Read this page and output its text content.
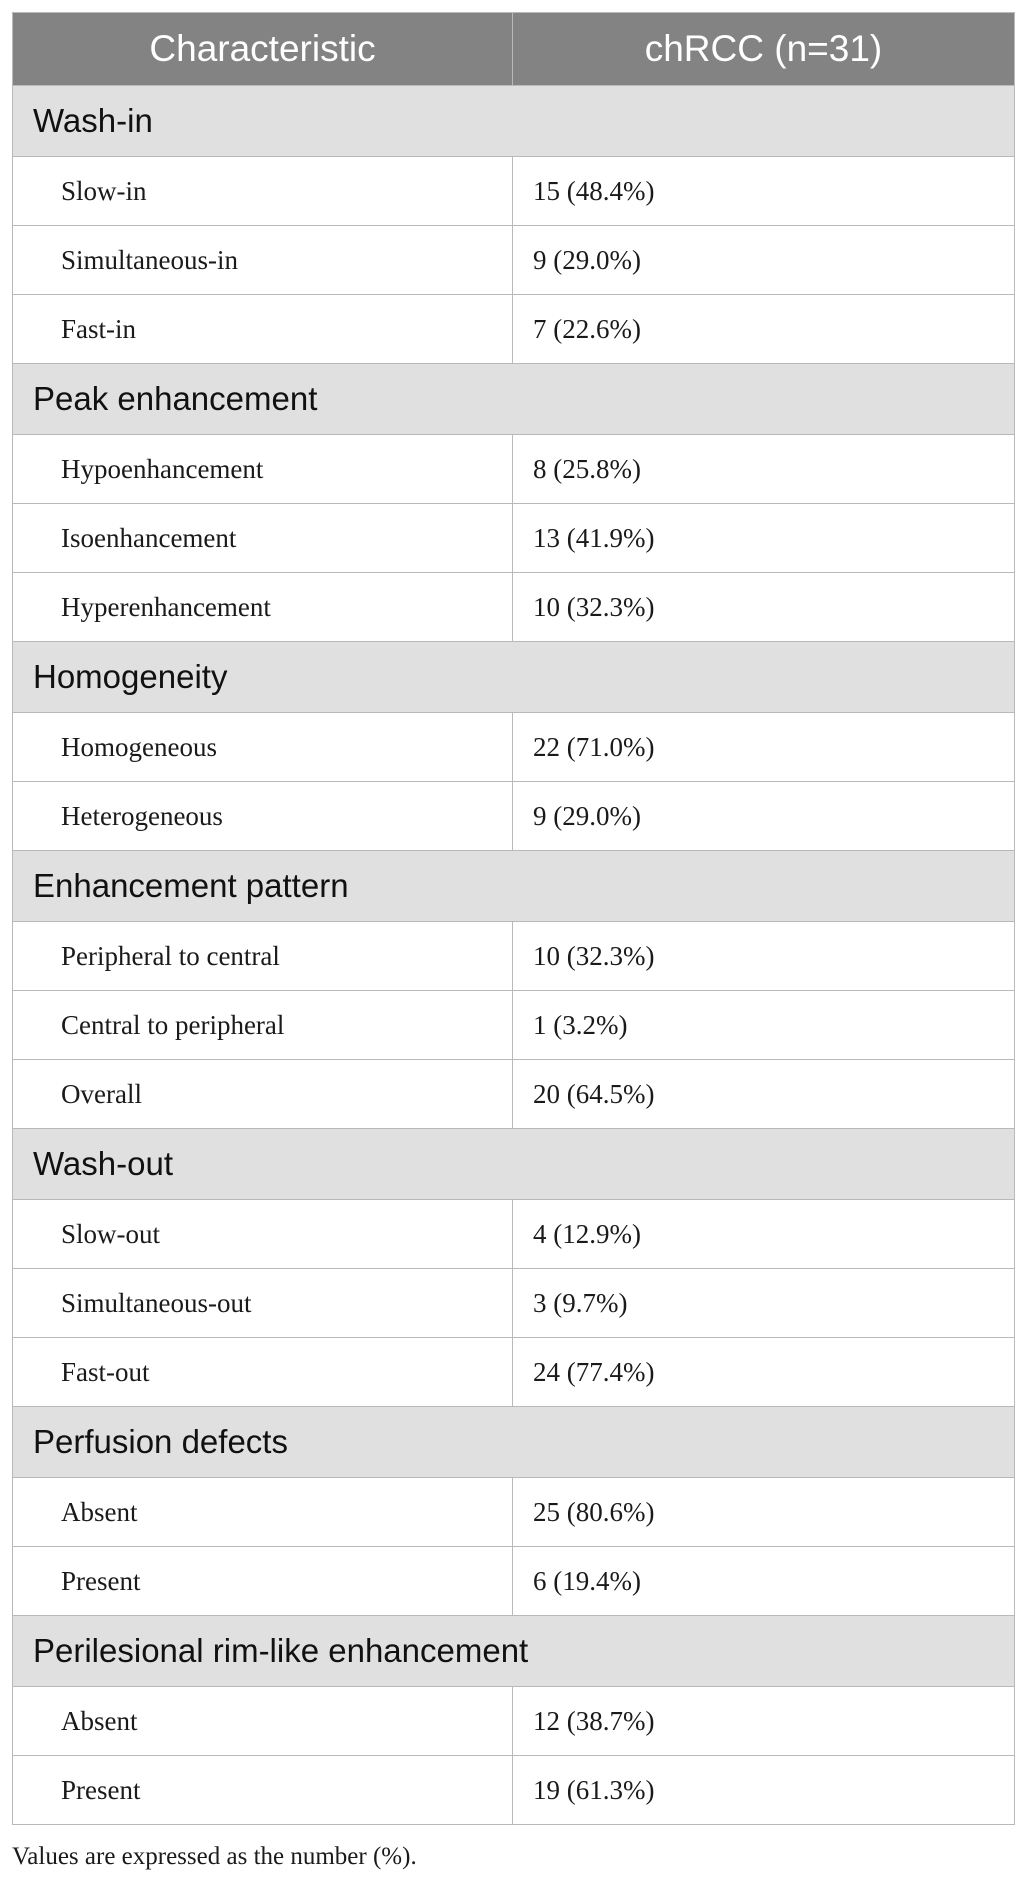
Characteristic	chRCC (n=31)
Wash-in	
Slow-in	15 (48.4%)
Simultaneous-in	9 (29.0%)
Fast-in	7 (22.6%)
Peak enhancement	
Hypoenhancement	8 (25.8%)
Isoenhancement	13 (41.9%)
Hyperenhancement	10 (32.3%)
Homogeneity	
Homogeneous	22 (71.0%)
Heterogeneous	9 (29.0%)
Enhancement pattern	
Peripheral to central	10 (32.3%)
Central to peripheral	1 (3.2%)
Overall	20 (64.5%)
Wash-out	
Slow-out	4 (12.9%)
Simultaneous-out	3 (9.7%)
Fast-out	24 (77.4%)
Perfusion defects	
Absent	25 (80.6%)
Present	6 (19.4%)
Perilesional rim-like enhancement	
Absent	12 (38.7%)
Present	19 (61.3%)

Values are expressed as the number (%).
